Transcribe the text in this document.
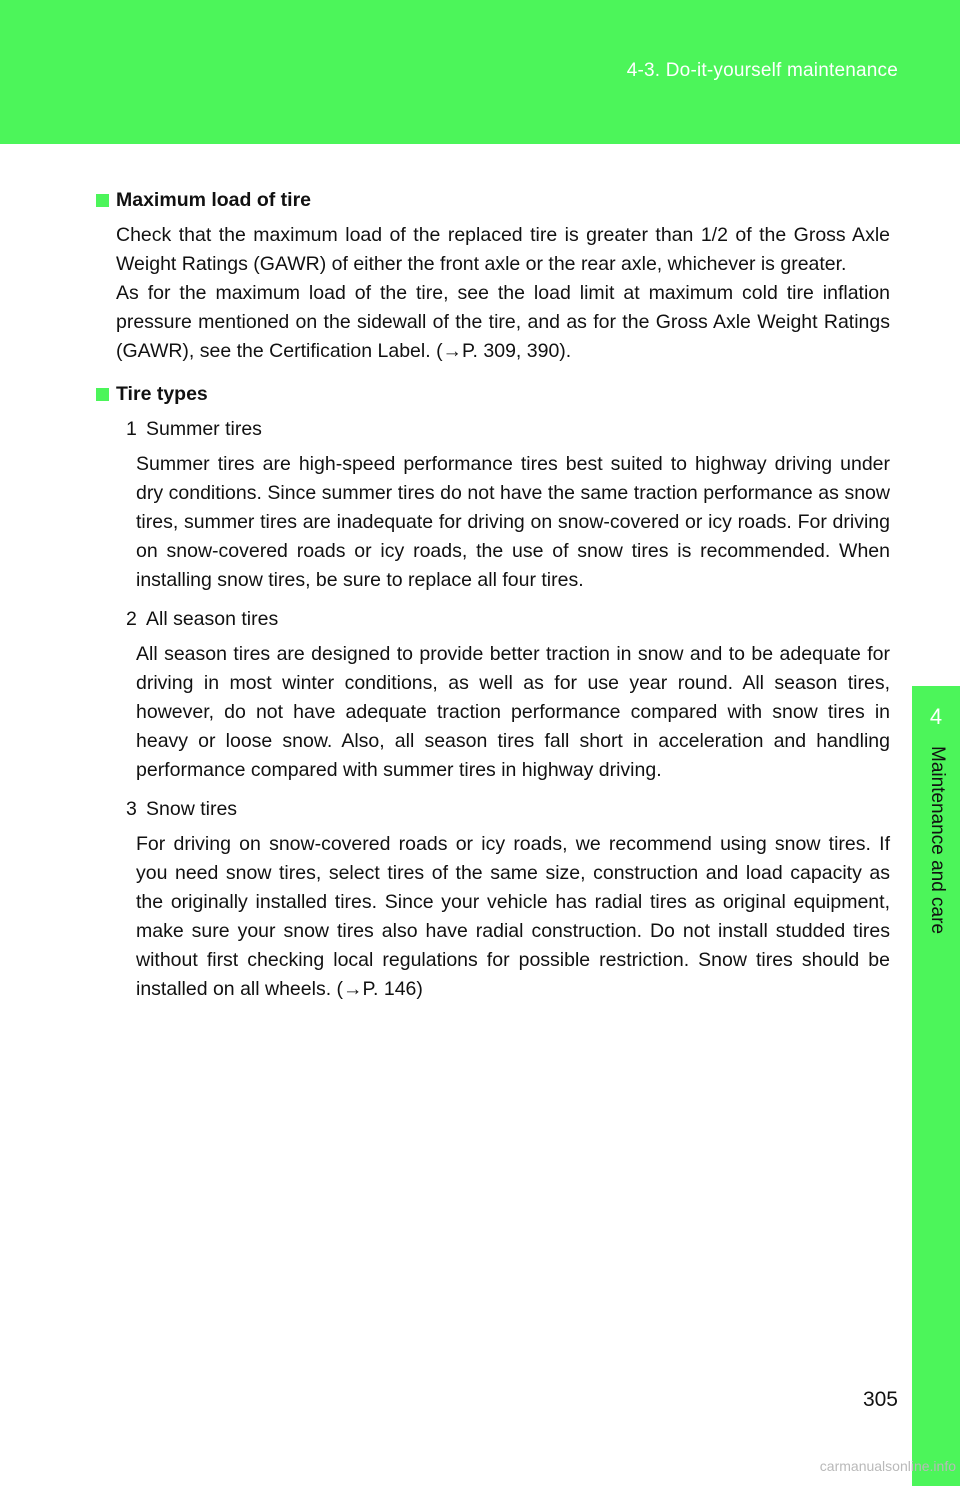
4-3. Do-it-yourself maintenance
4
Maintenance and care
Maximum load of tire

Check that the maximum load of the replaced tire is greater than 1/2 of the Gross Axle Weight Ratings (GAWR) of either the front axle or the rear axle, whichever is greater.

As for the maximum load of the tire, see the load limit at maximum cold tire inflation pressure mentioned on the sidewall of the tire, and as for the Gross Axle Weight Ratings (GAWR), see the Certification Label. (→P. 309, 390).

Tire types
1 Summer tires

Summer tires are high-speed performance tires best suited to highway driving under dry conditions. Since summer tires do not have the same traction performance as snow tires, summer tires are inadequate for driving on snow-covered or icy roads. For driving on snow-covered roads or icy roads, the use of snow tires is recommended. When installing snow tires, be sure to replace all four tires.

2 All season tires

All season tires are designed to provide better traction in snow and to be adequate for driving in most winter conditions, as well as for use year round. All season tires, however, do not have adequate traction performance compared with snow tires in heavy or loose snow. Also, all season tires fall short in acceleration and handling performance compared with summer tires in highway driving.

3 Snow tires

For driving on snow-covered roads or icy roads, we recommend using snow tires. If you need snow tires, select tires of the same size, construction and load capacity as the originally installed tires. Since your vehicle has radial tires as original equipment, make sure your snow tires also have radial construction. Do not install studded tires without first checking local regulations for possible restriction. Snow tires should be installed on all wheels. (→P. 146)

305
carmanualsonline.info
